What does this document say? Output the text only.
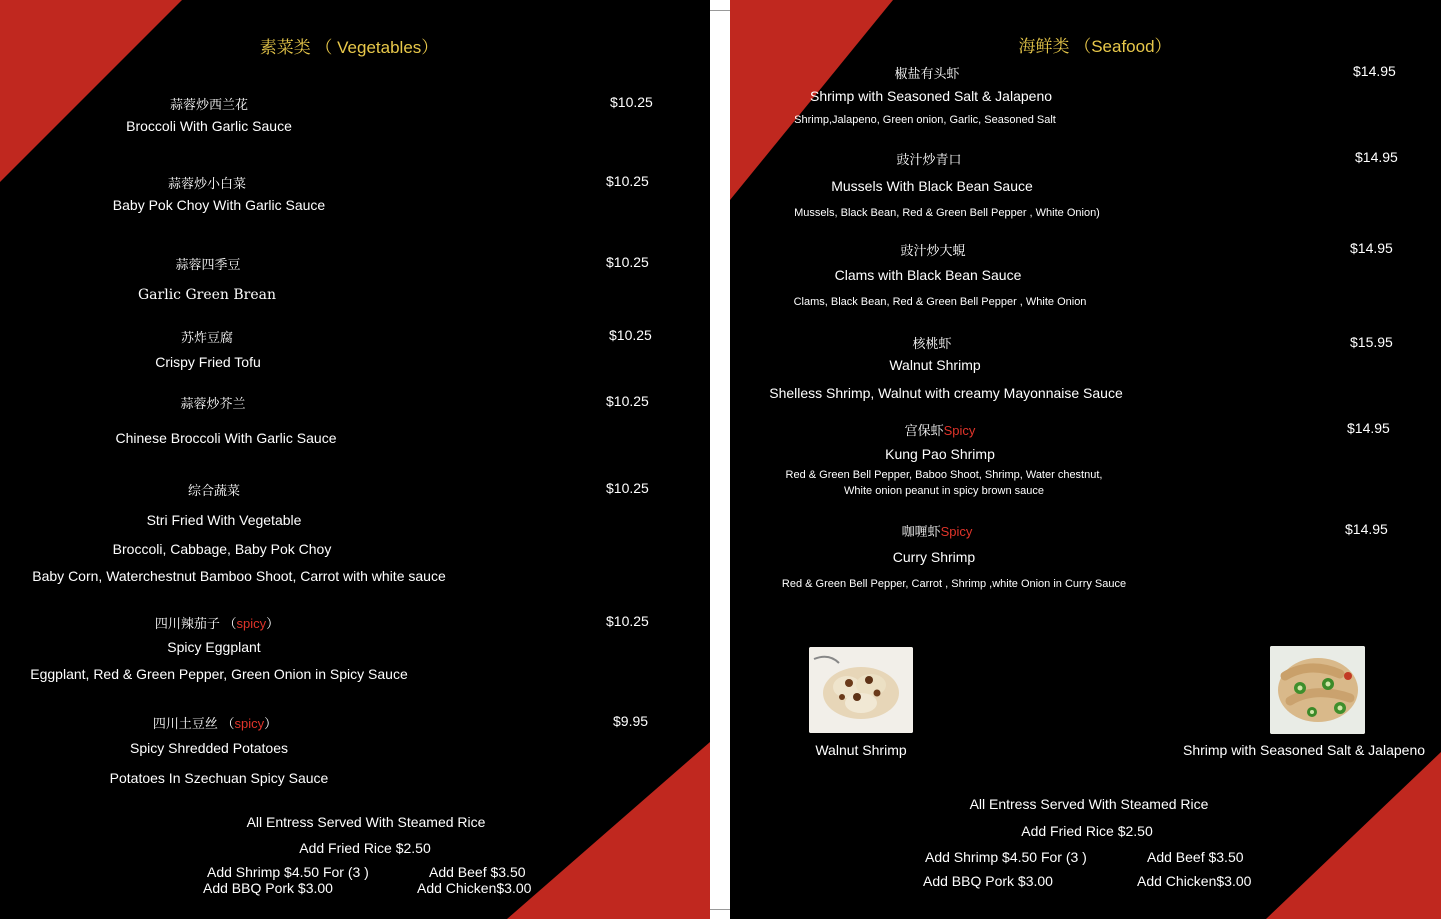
素菜类 （ Vegetables）
蒜蓉炒西兰花
Broccoli With Garlic Sauce
$10.25
蒜蓉炒小白菜
Baby Pok Choy With Garlic Sauce
$10.25
蒜蓉四季豆
Garlic Green Brean
$10.25
苏炸豆腐
Crispy Fried Tofu
$10.25
蒜蓉炒芥兰
Chinese Broccoli With Garlic Sauce
$10.25
综合蔬菜
Stri Fried With Vegetable
Broccoli, Cabbage, Baby Pok Choy
Baby Corn, Waterchestnut Bamboo Shoot, Carrot with white sauce
$10.25
四川辣茄子 （spicy）
Spicy Eggplant
Eggplant, Red & Green Pepper, Green Onion in Spicy Sauce
$10.25
四川土豆丝 （spicy）
Spicy Shredded Potatoes
Potatoes In Szechuan Spicy Sauce
$9.95
All Entress Served With Steamed Rice
Add Fried Rice $2.50
Add Shrimp $4.50 For (3 )	Add Beef $3.50
Add BBQ Pork $3.00	Add Chicken$3.00
海鲜类 （Seafood）
椒盐有头虾
Shrimp with Seasoned Salt & Jalapeno
Shrimp,Jalapeno, Green onion, Garlic, Seasoned Salt
$14.95
豉汁炒青口
Mussels With Black Bean Sauce
Mussels, Black Bean, Red & Green Bell Pepper , White Onion)
$14.95
豉汁炒大蜆
Clams with Black Bean Sauce
Clams, Black Bean, Red & Green Bell Pepper , White Onion
$14.95
核桃虾
Walnut Shrimp
Shelless Shrimp, Walnut with creamy Mayonnaise Sauce
$15.95
宫保虾Spicy
Kung Pao Shrimp
Red & Green Bell Pepper, Baboo Shoot, Shrimp, Water chestnut,
White onion peanut in spicy brown sauce
$14.95
咖喱虾Spicy
Curry Shrimp
Red & Green Bell Pepper, Carrot , Shrimp ,white Onion in Curry Sauce
$14.95
Walnut Shrimp	Shrimp with Seasoned Salt & Jalapeno
All Entress Served With Steamed Rice
Add Fried Rice $2.50
Add Shrimp $4.50 For (3 )	Add Beef $3.50
Add BBQ Pork $3.00	Add Chicken$3.00
